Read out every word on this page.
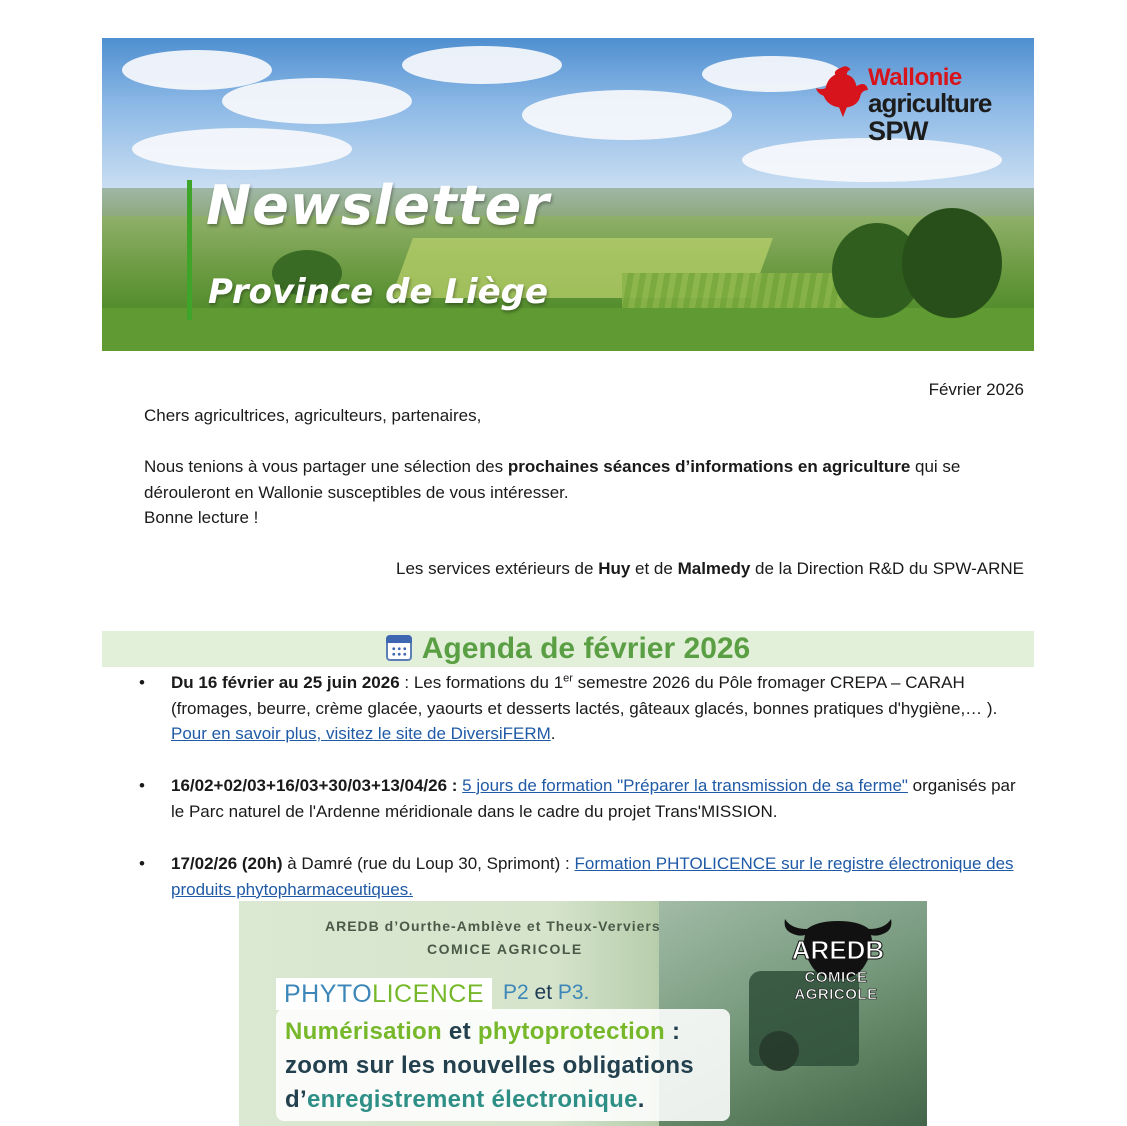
Newsletter
Province de Liège
Wallonie
agriculture
SPW
Février 2026
Chers agricultrices, agriculteurs, partenaires,
Nous tenions à vous partager une sélection des prochaines séances d’informations en agriculture qui se dérouleront en Wallonie susceptibles de vous intéresser.
Bonne lecture !
Les services extérieurs de Huy et de Malmedy de la Direction R&D du SPW-ARNE
Agenda de février 2026
• Du 16 février au 25 juin 2026 : Les formations du 1er semestre 2026 du Pôle fromager CREPA – CARAH (fromages, beurre, crème glacée, yaourts et desserts lactés, gâteaux glacés, bonnes pratiques d'hygiène,… ). Pour en savoir plus, visitez le site de DiversiFERM.
• 16/02+02/03+16/03+30/03+13/04/26 : 5 jours de formation "Préparer la transmission de sa ferme" organisés par le Parc naturel de l'Ardenne méridionale dans le cadre du projet Trans'MISSION.
• 17/02/26 (20h) à Damré (rue du Loup 30, Sprimont) : Formation PHTOLICENCE sur le registre électronique des produits phytopharmaceutiques.
AREDB d’Ourthe-Amblève et Theux-Verviers
COMICE AGRICOLE
PHYTOLICENCE P2 et P3.
Numérisation et phytoprotection :
zoom sur les nouvelles obligations
d’enregistrement électronique.
AREDB
COMICE AGRICOLE
